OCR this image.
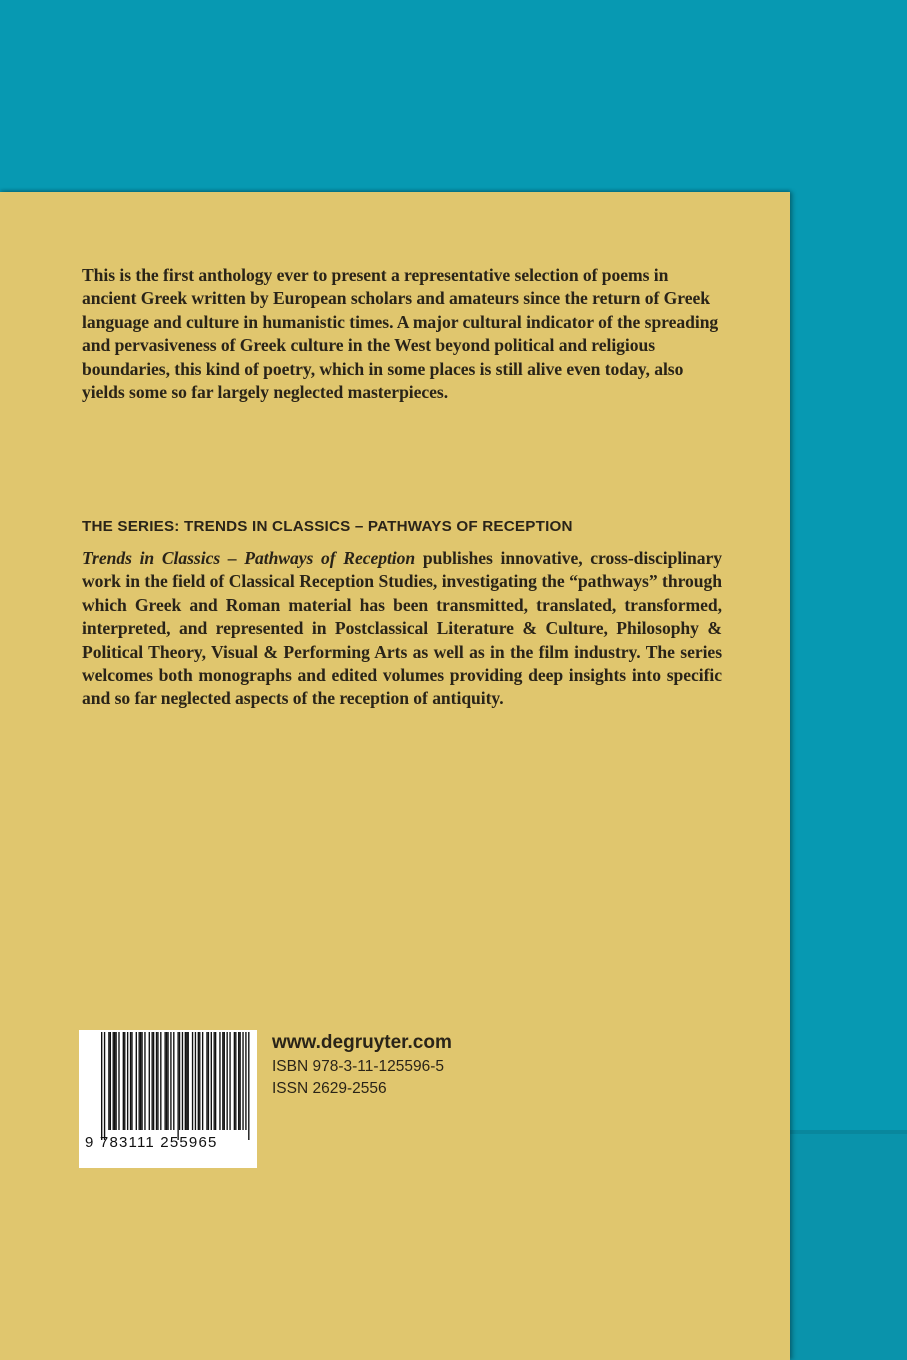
This is the first anthology ever to present a representative selection of poems in ancient Greek written by European scholars and amateurs since the return of Greek language and culture in humanistic times. A major cultural indicator of the spreading and pervasiveness of Greek culture in the West beyond political and religious boundaries, this kind of poetry, which in some places is still alive even today, also yields some so far largely neglected masterpieces.

THE SERIES: TRENDS IN CLASSICS – PATHWAYS OF RECEPTION

Trends in Classics – Pathways of Reception publishes innovative, cross-disciplinary work in the field of Classical Reception Studies, investigating the “pathways” through which Greek and Roman material has been transmitted, translated, transformed, interpreted, and represented in Postclassical Literature & Culture, Philosophy & Political Theory, Visual & Performing Arts as well as in the film industry. The series welcomes both monographs and edited volumes providing deep insights into specific and so far neglected aspects of the reception of antiquity.

9 783111 255965
www.degruyter.com
ISBN 978-3-11-125596-5
ISSN 2629-2556
